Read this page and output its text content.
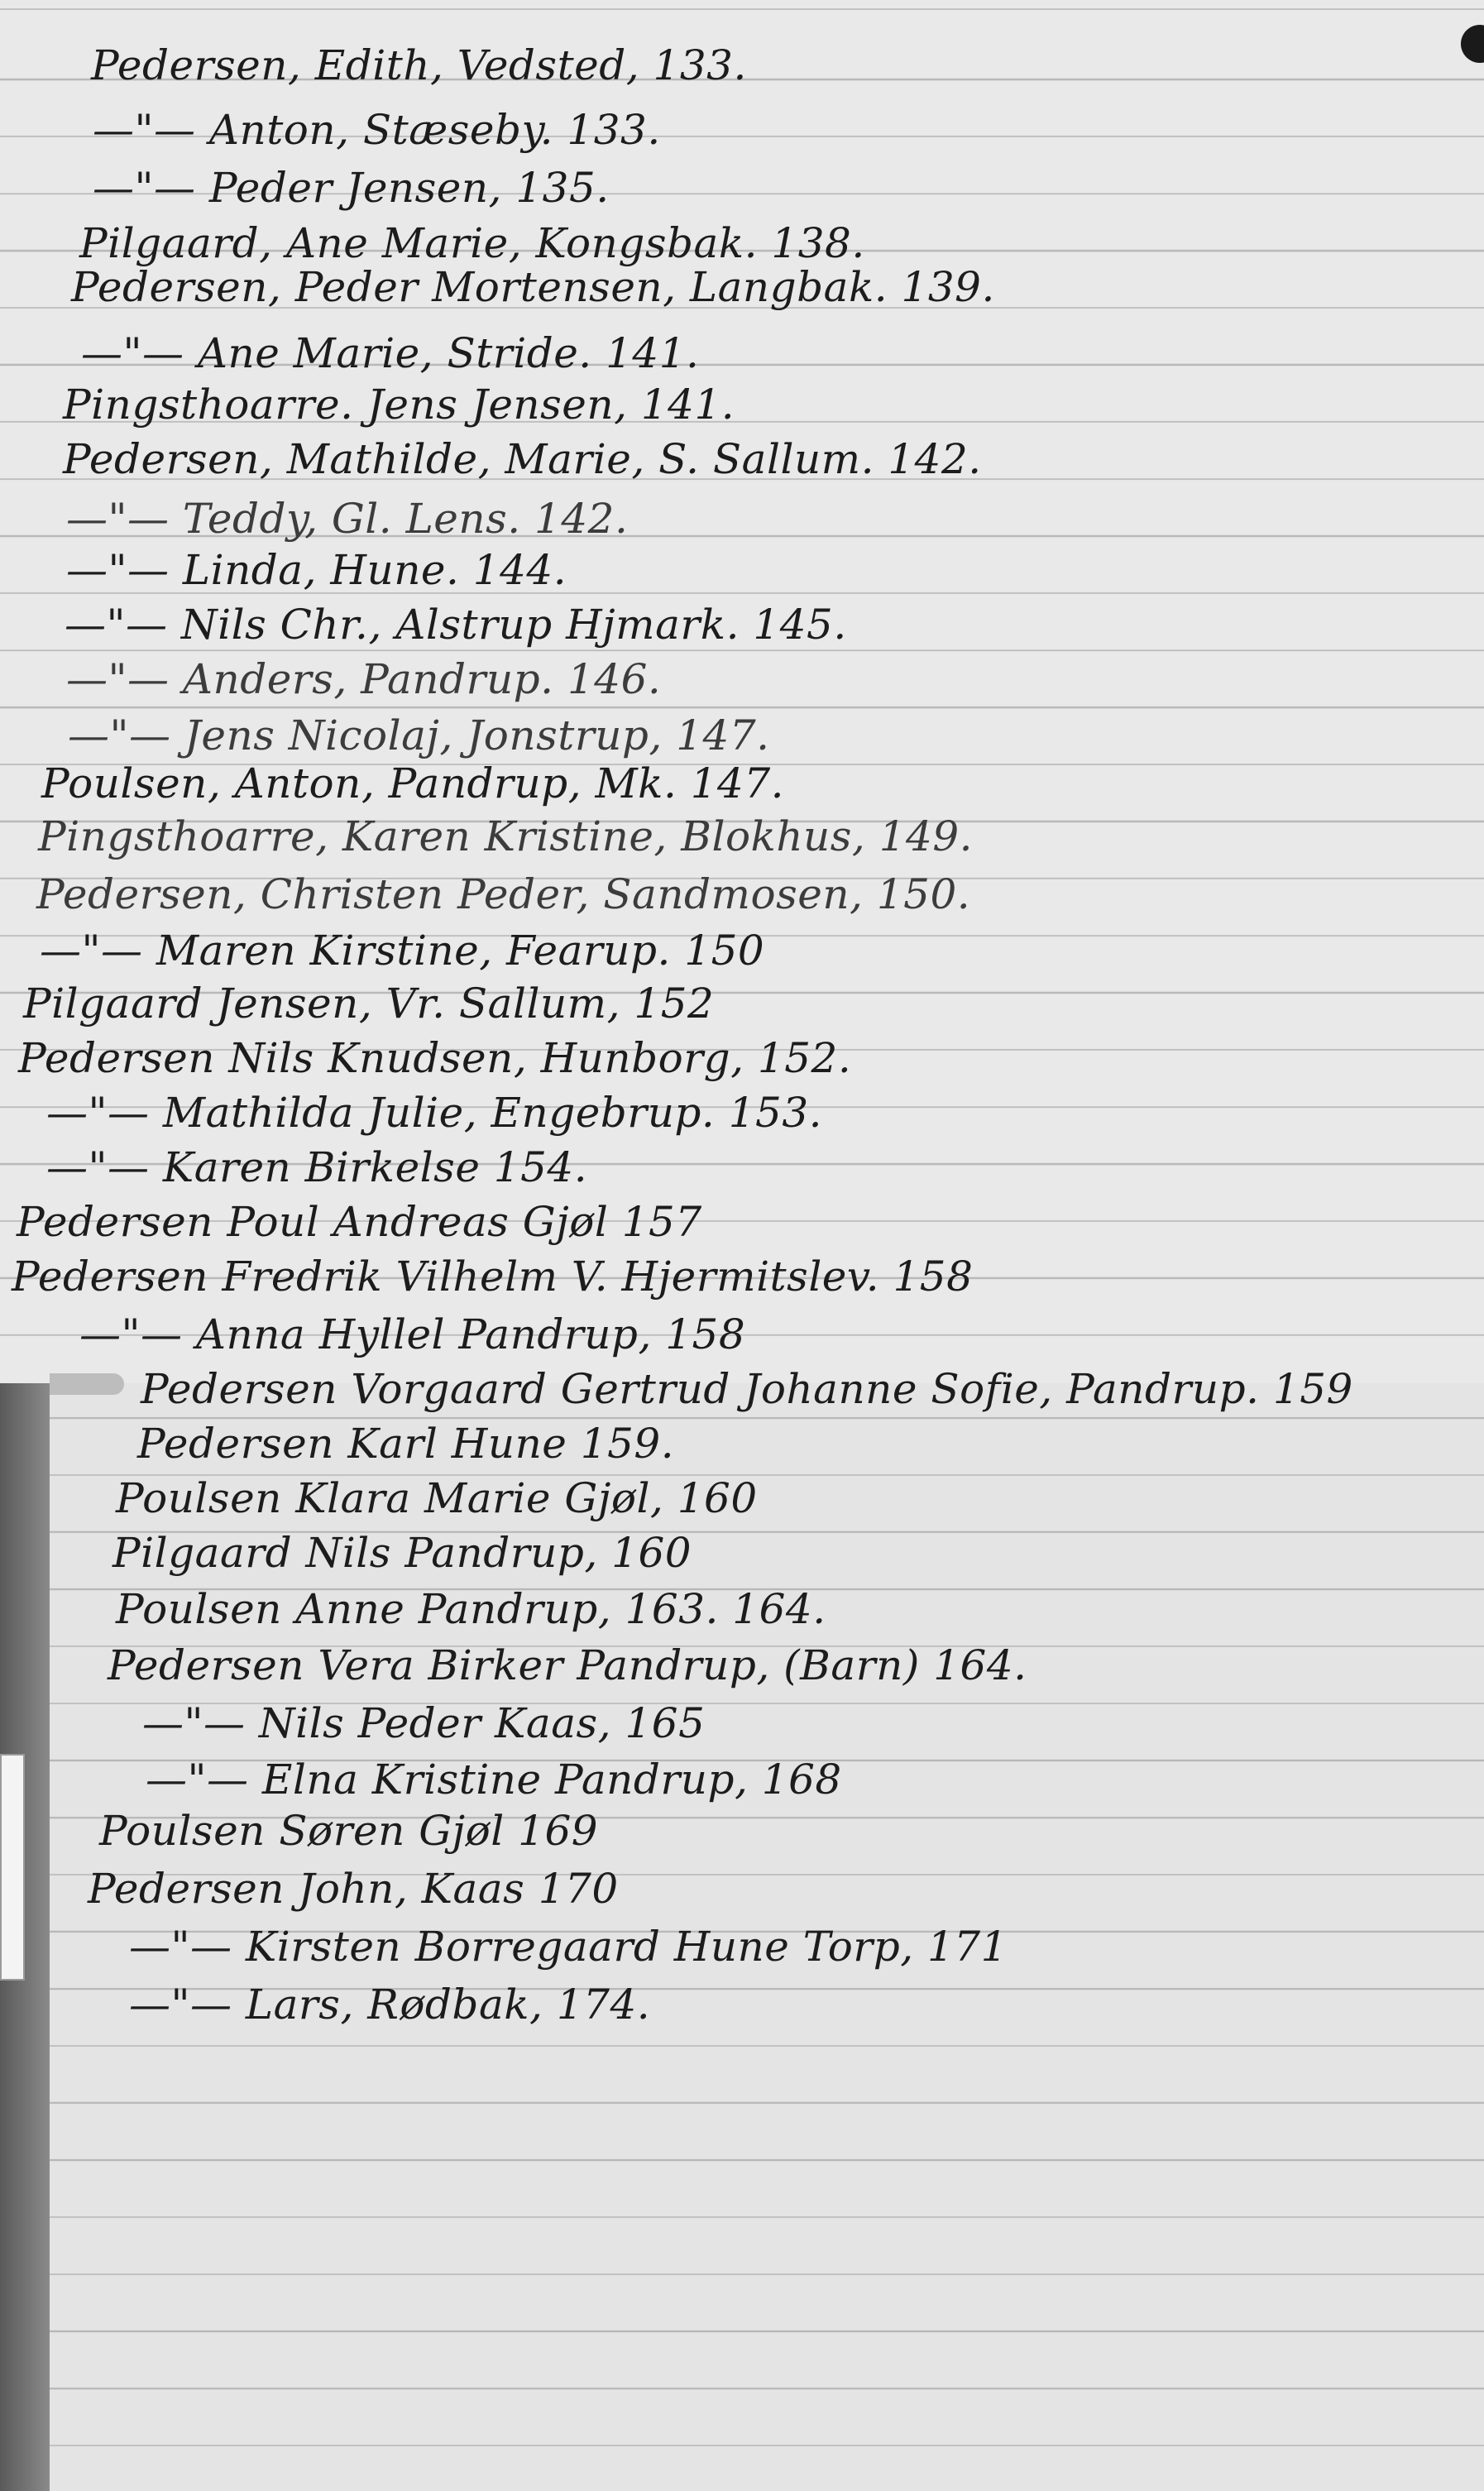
Pedersen, Edith, Vedsted, 133.
—"— Anton, Stæseby. 133.
—"— Peder Jensen, 135.
Pilgaard, Ane Marie, Kongsbak. 138.
Pedersen, Peder Mortensen, Langbak. 139.
—"— Ane Marie, Stride. 141.
Pingsthoarre. Jens Jensen, 141.
Pedersen, Mathilde, Marie, S. Sallum. 142.
—"— Teddy, Gl. Lens. 142.
—"— Linda, Hune. 144.
—"— Nils Chr., Alstrup Hjmark. 145.
—"— Anders, Pandrup. 146.
—"— Jens Nicolaj, Jonstrup, 147.
Poulsen, Anton, Pandrup, Mk. 147.
Pingsthoarre, Karen Kristine, Blokhus, 149.
Pedersen, Christen Peder, Sandmosen, 150.
—"— Maren Kirstine, Fearup. 150
Pilgaard Jensen, Vr. Sallum, 152
Pedersen Nils Knudsen, Hunborg, 152.
—"— Mathilda Julie, Engebrup. 153.
—"— Karen Birkelse 154.
Pedersen Poul Andreas Gjøl 157
Pedersen Fredrik Vilhelm V. Hjermitslev. 158
—"— Anna Hyllel Pandrup, 158
Pedersen Vorgaard Gertrud Johanne Sofie, Pandrup. 159
Pedersen Karl Hune 159.
Poulsen Klara Marie Gjøl, 160
Pilgaard Nils Pandrup, 160
Poulsen Anne Pandrup, 163. 164.
Pedersen Vera Birker Pandrup, (Barn) 164.
—"— Nils Peder Kaas, 165
—"— Elna Kristine Pandrup, 168
Poulsen Søren Gjøl 169
Pedersen John, Kaas 170
—"— Kirsten Borregaard Hune Torp, 171
—"— Lars, Rødbak, 174.
